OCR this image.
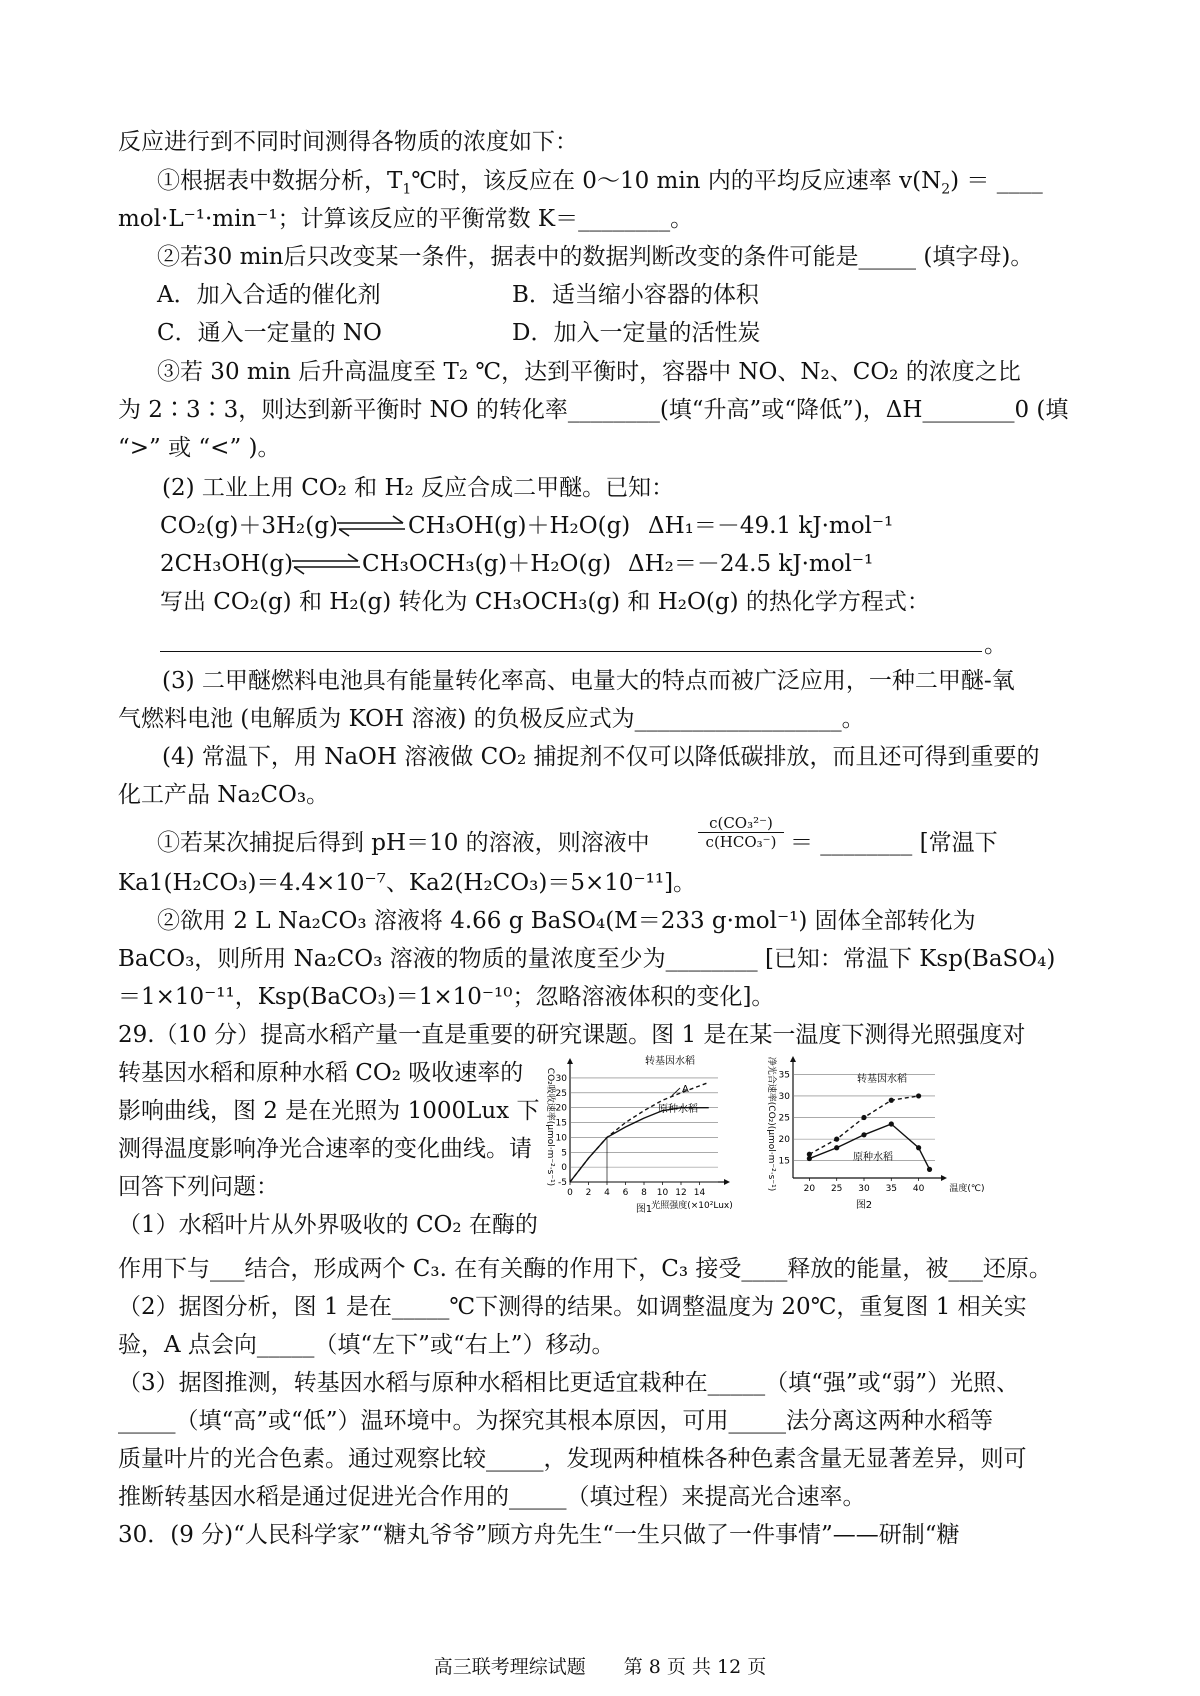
反应进行到不同时间测得各物质的浓度如下：
①根据表中数据分析，$T_1℃$时，该反应在 0～10 min 内的平均反应速率 $v(N_2)$ ＝ ____
mol·L⁻¹·min⁻¹；计算该反应的平衡常数 K＝________。
②若30 min后只改变某一条件，据表中的数据判断改变的条件可能是_____ (填字母)。
A．加入合适的催化剂	B．适当缩小容器的体积
C．通入一定量的 NO	D．加入一定量的活性炭
③若 30 min 后升高温度至 T₂ ℃，达到平衡时，容器中 NO、N₂、CO₂ 的浓度之比
为 2∶3∶3，则达到新平衡时 NO 的转化率________(填“升高”或“降低”)，ΔH________0 (填
“>” 或 “<” )。
(2) 工业上用 CO₂ 和 H₂ 反应合成二甲醚。已知：
CO₂(g)＋3H₂(g)	CH₃OH(g)＋H₂O(g) ΔH₁＝－49.1 kJ·mol⁻¹
2CH₃OH(g)	CH₃OCH₃(g)＋H₂O(g) ΔH₂＝－24.5 kJ·mol⁻¹
写出 CO₂(g) 和 H₂(g) 转化为 CH₃OCH₃(g) 和 H₂O(g) 的热化学方程式：
。
(3) 二甲醚燃料电池具有能量转化率高、电量大的特点而被广泛应用，一种二甲醚-氧
气燃料电池 (电解质为 KOH 溶液) 的负极反应式为__________________。
(4) 常温下，用 NaOH 溶液做 CO₂ 捕捉剂不仅可以降低碳排放，而且还可得到重要的
化工产品 Na₂CO₃。
①若某次捕捉后得到 pH＝10 的溶液，则溶液中
c(CO₃²⁻)
c(HCO₃⁻) ＝ ________ [常温下
Ka1(H₂CO₃)＝4.4×10⁻⁷、Ka2(H₂CO₃)＝5×10⁻¹¹]。
②欲用 2 L Na₂CO₃ 溶液将 4.66 g BaSO₄(M＝233 g·mol⁻¹) 固体全部转化为
BaCO₃，则所用 Na₂CO₃ 溶液的物质的量浓度至少为________ [已知：常温下 Ksp(BaSO₄)
＝1×10⁻¹¹，Ksp(BaCO₃)＝1×10⁻¹⁰；忽略溶液体积的变化]。
29.（10 分）提高水稻产量一直是重要的研究课题。图 1 是在某一温度下测得光照强度对
转基因水稻和原种水稻 CO₂ 吸收速率的
影响曲线，图 2 是在光照为 1000Lux 下
测得温度影响净光合速率的变化曲线。请
回答下列问题：
（1）水稻叶片从外界吸收的 CO₂ 在酶的
作用下与___结合，形成两个 C₃. 在有关酶的作用下，C₃ 接受____释放的能量，被___还原。
（2）据图分析，图 1 是在_____℃下测得的结果。如调整温度为 20℃，重复图 1 相关实
验，A 点会向_____（填“左下”或“右上”）移动。
（3）据图推测，转基因水稻与原种水稻相比更适宜栽种在_____（填“强”或“弱”）光照、
_____（填“高”或“低”）温环境中。为探究其根本原因，可用_____法分离这两种水稻等
质量叶片的光合色素。通过观察比较_____，发现两种植株各种色素含量无显著差异，则可
推断转基因水稻是通过促进光合作用的_____（填过程）来提高光合速率。
30．(9 分)“人民科学家”“糖丸爷爷”顾方舟先生“一生只做了一件事情”——研制“糖
-5
0
5
10
15
20
25
30
0 2 4 6 8 10 12 14
转基因水稻
原种水稻
CO₂吸收速率(μmol·m⁻²·s⁻¹)
光照强度(×10²Lux)
图1
A
15
20
25
30
35
20 25 30 35 40
转基因水稻
原种水稻
净光合速率(CO₂)(μmol·m⁻²·s⁻¹)	温度(℃)
图2
高三联考理综试题　　第 8 页 共 12 页
